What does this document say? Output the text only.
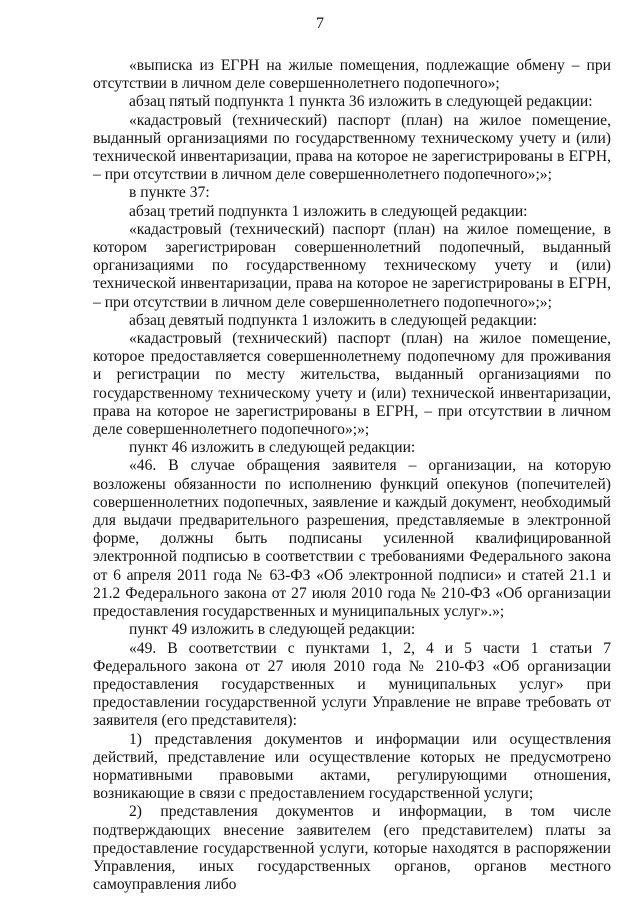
7

«выписка из ЕГРН на жилые помещения, подлежащие обмену – при отсутствии в личном деле совершеннолетнего подопечного»;

абзац пятый подпункта 1 пункта 36 изложить в следующей редакции:

«кадастровый (технический) паспорт (план) на жилое помещение, выданный организациями по государственному техническому учету и (или) технической инвентаризации, права на которое не зарегистрированы в ЕГРН, – при отсутствии в личном деле совершеннолетнего подопечного»;»;

в пункте 37:

абзац третий подпункта 1 изложить в следующей редакции:

«кадастровый (технический) паспорт (план) на жилое помещение, в котором зарегистрирован совершеннолетний подопечный, выданный организациями по государственному техническому учету и (или) технической инвентаризации, права на которое не зарегистрированы в ЕГРН, – при отсутствии в личном деле совершеннолетнего подопечного»;»;

абзац девятый подпункта 1 изложить в следующей редакции:

«кадастровый (технический) паспорт (план) на жилое помещение, которое предоставляется совершеннолетнему подопечному для проживания и регистрации по месту жительства, выданный организациями по государственному техническому учету и (или) технической инвентаризации, права на которое не зарегистрированы в ЕГРН, – при отсутствии в личном деле совершеннолетнего подопечного»;»;

пункт 46 изложить в следующей редакции:

«46. В случае обращения заявителя – организации, на которую возложены обязанности по исполнению функций опекунов (попечителей) совершеннолетних подопечных, заявление и каждый документ, необходимый для выдачи предварительного разрешения, представляемые в электронной форме, должны быть подписаны усиленной квалифицированной электронной подписью в соответствии с требованиями Федерального закона от 6 апреля 2011 года № 63-ФЗ «Об электронной подписи» и статей 21.1 и 21.2 Федерального закона от 27 июля 2010 года № 210-ФЗ «Об организации предоставления государственных и муниципальных услуг».»;

пункт 49 изложить в следующей редакции:

«49. В соответствии с пунктами 1, 2, 4 и 5 части 1 статьи 7 Федерального закона от 27 июля 2010 года № 210-ФЗ «Об организации предоставления государственных и муниципальных услуг» при предоставлении государственной услуги Управление не вправе требовать от заявителя (его представителя):

1) представления документов и информации или осуществления действий, представление или осуществление которых не предусмотрено нормативными правовыми актами, регулирующими отношения, возникающие в связи с предоставлением государственной услуги;

2) представления документов и информации, в том числе подтверждающих внесение заявителем (его представителем) платы за предоставление государственной услуги, которые находятся в распоряжении Управления, иных государственных органов, органов местного самоуправления либо
